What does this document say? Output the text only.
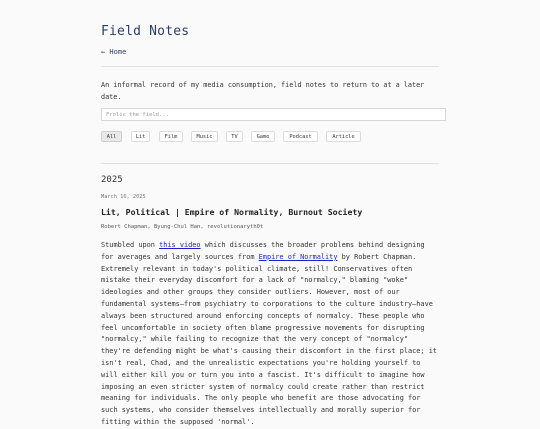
Field Notes
← Home
An informal record of my media consumption, field notes to return to at a later date.
Frolic the field...
All	Lit	Film	Music	TV	Game	Podcast	Article
2025
March 16, 2025
Lit, Political | Empire of Normality, Burnout Society
Robert Chapman, Byung-Chul Han, revolutionaryth0t

Stumbled upon this video which discusses the broader problems behind designing for averages and largely sources from Empire of Normality by Robert Chapman. Extremely relevant in today's political climate, still! Conservatives often mistake their everyday discomfort for a lack of "normalcy," blaming "woke" ideologies and other groups they consider outliers. However, most of our fundamental systems—from psychiatry to corporations to the culture industry—have always been structured around enforcing concepts of normalcy. These people who feel uncomfortable in society often blame progressive movements for disrupting "normalcy," while failing to recognize that the very concept of "normalcy" they're defending might be what's causing their discomfort in the first place; it isn't real, Chad, and the unrealistic expectations you're holding yourself to will either kill you or turn you into a fascist. It's difficult to imagine how imposing an even stricter system of normalcy could create rather than restrict meaning for individuals. The only people who benefit are those advocating for such systems, who consider themselves intellectually and morally superior for fitting within the supposed 'normal'.
